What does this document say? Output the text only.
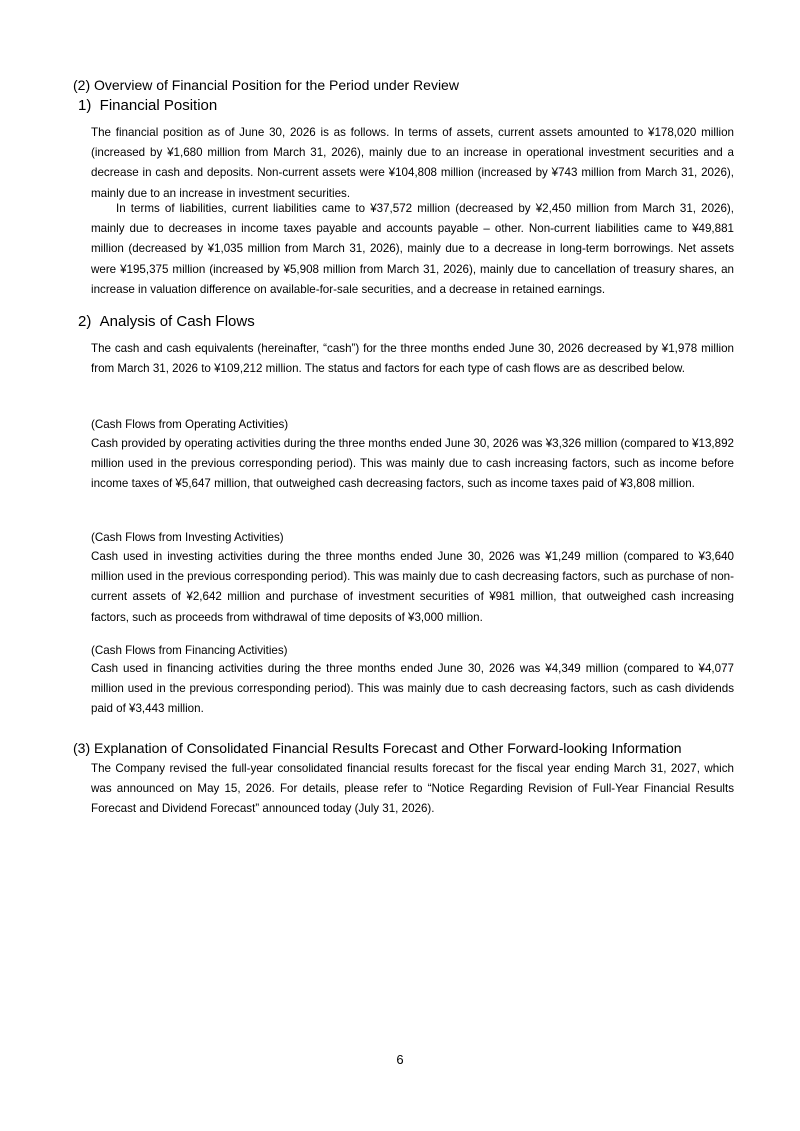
(2) Overview of Financial Position for the Period under Review
1)  Financial Position

The financial position as of June 30, 2026 is as follows. In terms of assets, current assets amounted to ¥178,020 million (increased by ¥1,680 million from March 31, 2026), mainly due to an increase in operational investment securities and a decrease in cash and deposits. Non-current assets were ¥104,808 million (increased by ¥743 million from March 31, 2026), mainly due to an increase in investment securities.

In terms of liabilities, current liabilities came to ¥37,572 million (decreased by ¥2,450 million from March 31, 2026), mainly due to decreases in income taxes payable and accounts payable – other. Non-current liabilities came to ¥49,881 million (decreased by ¥1,035 million from March 31, 2026), mainly due to a decrease in long-term borrowings. Net assets were ¥195,375 million (increased by ¥5,908 million from March 31, 2026), mainly due to cancellation of treasury shares, an increase in valuation difference on available-for-sale securities, and a decrease in retained earnings.

2)  Analysis of Cash Flows

The cash and cash equivalents (hereinafter, “cash”) for the three months ended June 30, 2026 decreased by ¥1,978 million from March 31, 2026 to ¥109,212 million. The status and factors for each type of cash flows are as described below.

(Cash Flows from Operating Activities)

Cash provided by operating activities during the three months ended June 30, 2026 was ¥3,326 million (compared to ¥13,892 million used in the previous corresponding period). This was mainly due to cash increasing factors, such as income before income taxes of ¥5,647 million, that outweighed cash decreasing factors, such as income taxes paid of ¥3,808 million.

(Cash Flows from Investing Activities)

Cash used in investing activities during the three months ended June 30, 2026 was ¥1,249 million (compared to ¥3,640 million used in the previous corresponding period). This was mainly due to cash decreasing factors, such as purchase of non-current assets of ¥2,642 million and purchase of investment securities of ¥981 million, that outweighed cash increasing factors, such as proceeds from withdrawal of time deposits of ¥3,000 million.

(Cash Flows from Financing Activities)

Cash used in financing activities during the three months ended June 30, 2026 was ¥4,349 million (compared to ¥4,077 million used in the previous corresponding period). This was mainly due to cash decreasing factors, such as cash dividends paid of ¥3,443 million.

(3) Explanation of Consolidated Financial Results Forecast and Other Forward-looking Information

The Company revised the full-year consolidated financial results forecast for the fiscal year ending March 31, 2027, which was announced on May 15, 2026. For details, please refer to “Notice Regarding Revision of Full-Year Financial Results Forecast and Dividend Forecast” announced today (July 31, 2026).

6
